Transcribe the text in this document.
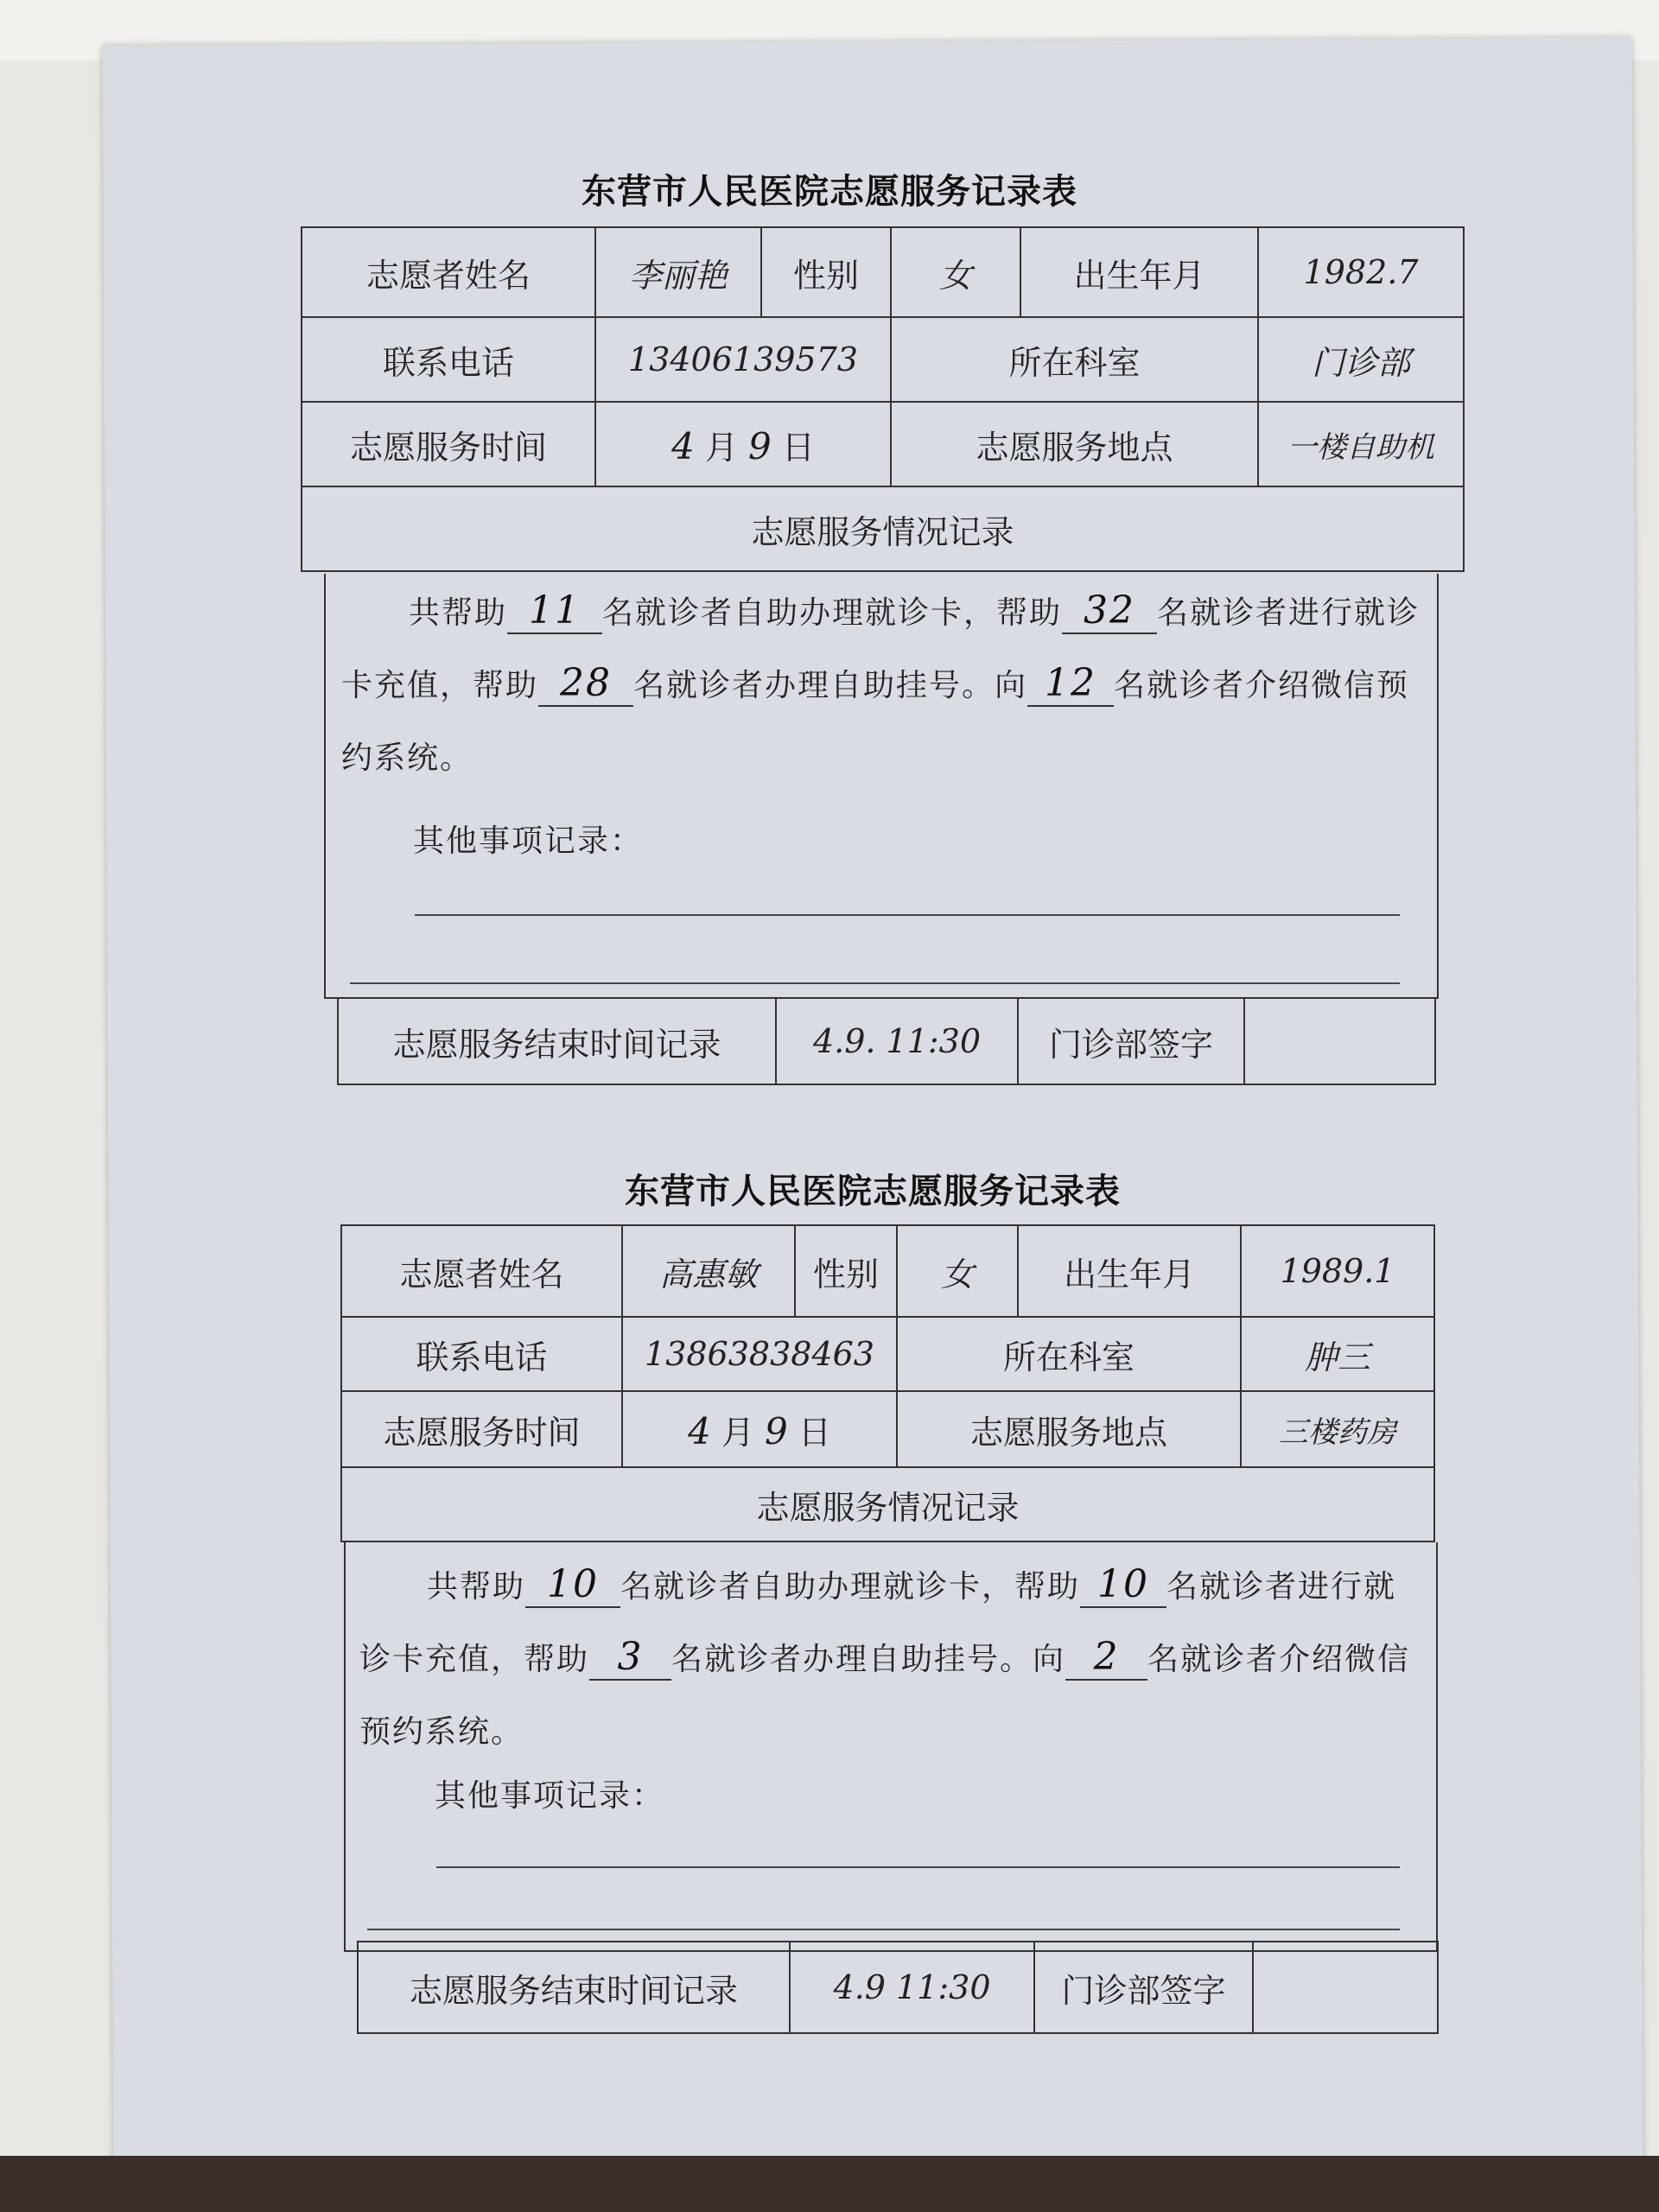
东营市人民医院志愿服务记录表
志愿者姓名	李丽艳	性别	女	出生年月	1982.7
联系电话	13406139573		所在科室		门诊部
志愿服务时间	4 月 9 日		志愿服务地点		一楼自助机
志愿服务情况记录					
共帮助 11 名就诊者自助办理就诊卡，帮助 32 名就诊者进行就诊卡充值，帮助 28 名就诊者办理自助挂号。向 12 名就诊者介绍微信预约系统。
其他事项记录：
志愿服务结束时间记录	4.9. 11:30	门诊部签字	
东营市人民医院志愿服务记录表
志愿者姓名	高惠敏	性别	女	出生年月	1989.1
联系电话	13863838463		所在科室		肿三
志愿服务时间	4 月 9 日		志愿服务地点		三楼药房
志愿服务情况记录					
共帮助 10 名就诊者自助办理就诊卡，帮助 10 名就诊者进行就诊卡充值，帮助 3 名就诊者办理自助挂号。向 2 名就诊者介绍微信预约系统。
其他事项记录：
志愿服务结束时间记录	4.9 11:30	门诊部签字	
